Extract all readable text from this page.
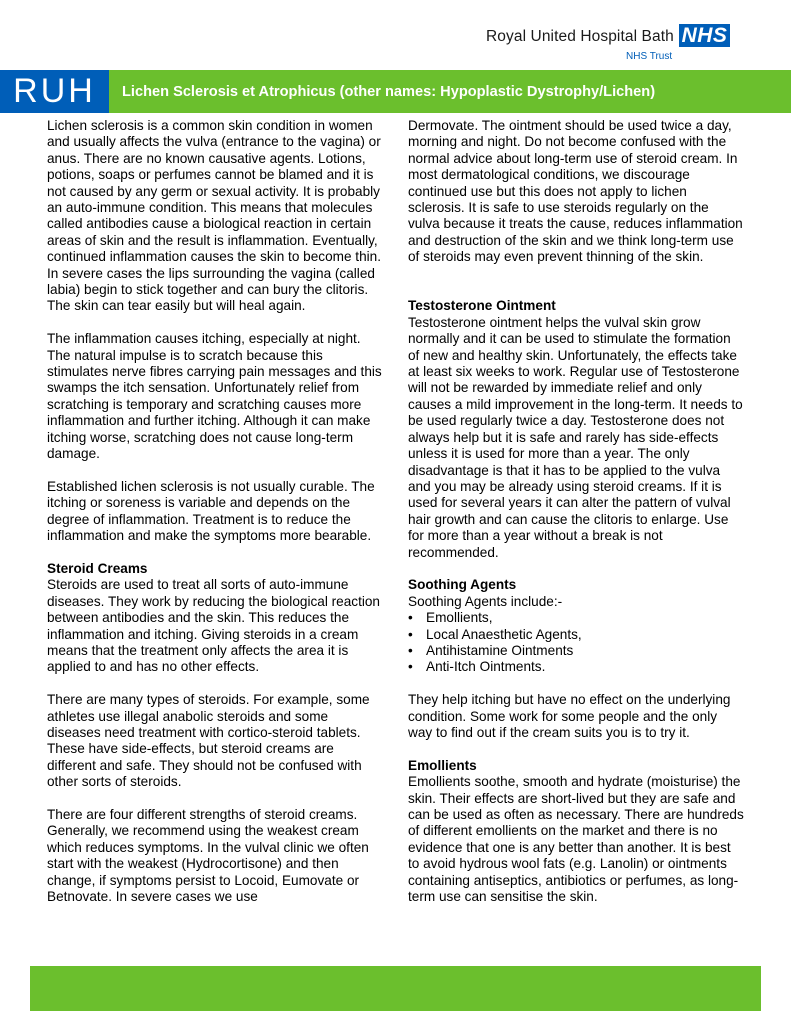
Royal United Hospital Bath NHS
NHS Trust
RUH	Lichen Sclerosis et Atrophicus (other names: Hypoplastic Dystrophy/Lichen)

Lichen sclerosis is a common skin condition in women and usually affects the vulva (entrance to the vagina) or anus. There are no known causative agents. Lotions, potions, soaps or perfumes cannot be blamed and it is not caused by any germ or sexual activity. It is probably an auto-immune condition. This means that molecules called antibodies cause a biological reaction in certain areas of skin and the result is inflammation. Eventually, continued inflammation causes the skin to become thin. In severe cases the lips surrounding the vagina (called labia) begin to stick together and can bury the clitoris. The skin can tear easily but will heal again.

The inflammation causes itching, especially at night. The natural impulse is to scratch because this stimulates nerve fibres carrying pain messages and this swamps the itch sensation. Unfortunately relief from scratching is temporary and scratching causes more inflammation and further itching. Although it can make itching worse, scratching does not cause long-term damage.

Established lichen sclerosis is not usually curable. The itching or soreness is variable and depends on the degree of inflammation. Treatment is to reduce the inflammation and make the symptoms more bearable.

Steroid Creams

Steroids are used to treat all sorts of auto-immune diseases. They work by reducing the biological reaction between antibodies and the skin. This reduces the inflammation and itching. Giving steroids in a cream means that the treatment only affects the area it is applied to and has no other effects.

There are many types of steroids. For example, some athletes use illegal anabolic steroids and some diseases need treatment with cortico-steroid tablets. These have side-effects, but steroid creams are different and safe. They should not be confused with other sorts of steroids.

There are four different strengths of steroid creams. Generally, we recommend using the weakest cream which reduces symptoms. In the vulval clinic we often start with the weakest (Hydrocortisone) and then change, if symptoms persist to Locoid, Eumovate or Betnovate. In severe cases we use

Dermovate. The ointment should be used twice a day, morning and night. Do not become confused with the normal advice about long-term use of steroid cream. In most dermatological conditions, we discourage continued use but this does not apply to lichen sclerosis. It is safe to use steroids regularly on the vulva because it treats the cause, reduces inflammation and destruction of the skin and we think long-term use of steroids may even prevent thinning of the skin.

Testosterone Ointment

Testosterone ointment helps the vulval skin grow normally and it can be used to stimulate the formation of new and healthy skin. Unfortunately, the effects take at least six weeks to work. Regular use of Testosterone will not be rewarded by immediate relief and only causes a mild improvement in the long-term. It needs to be used regularly twice a day. Testosterone does not always help but it is safe and rarely has side-effects unless it is used for more than a year. The only disadvantage is that it has to be applied to the vulva and you may be already using steroid creams. If it is used for several years it can alter the pattern of vulval hair growth and can cause the clitoris to enlarge. Use for more than a year without a break is not recommended.

Soothing Agents

Soothing Agents include:-

• Emollients,
• Local Anaesthetic Agents,
• Antihistamine Ointments
• Anti-Itch Ointments.

They help itching but have no effect on the underlying condition. Some work for some people and the only way to find out if the cream suits you is to try it.

Emollients

Emollients soothe, smooth and hydrate (moisturise) the skin. Their effects are short-lived but they are safe and can be used as often as necessary. There are hundreds of different emollients on the market and there is no evidence that one is any better than another. It is best to avoid hydrous wool fats (e.g. Lanolin) or ointments containing antiseptics, antibiotics or perfumes, as long-term use can sensitise the skin.
